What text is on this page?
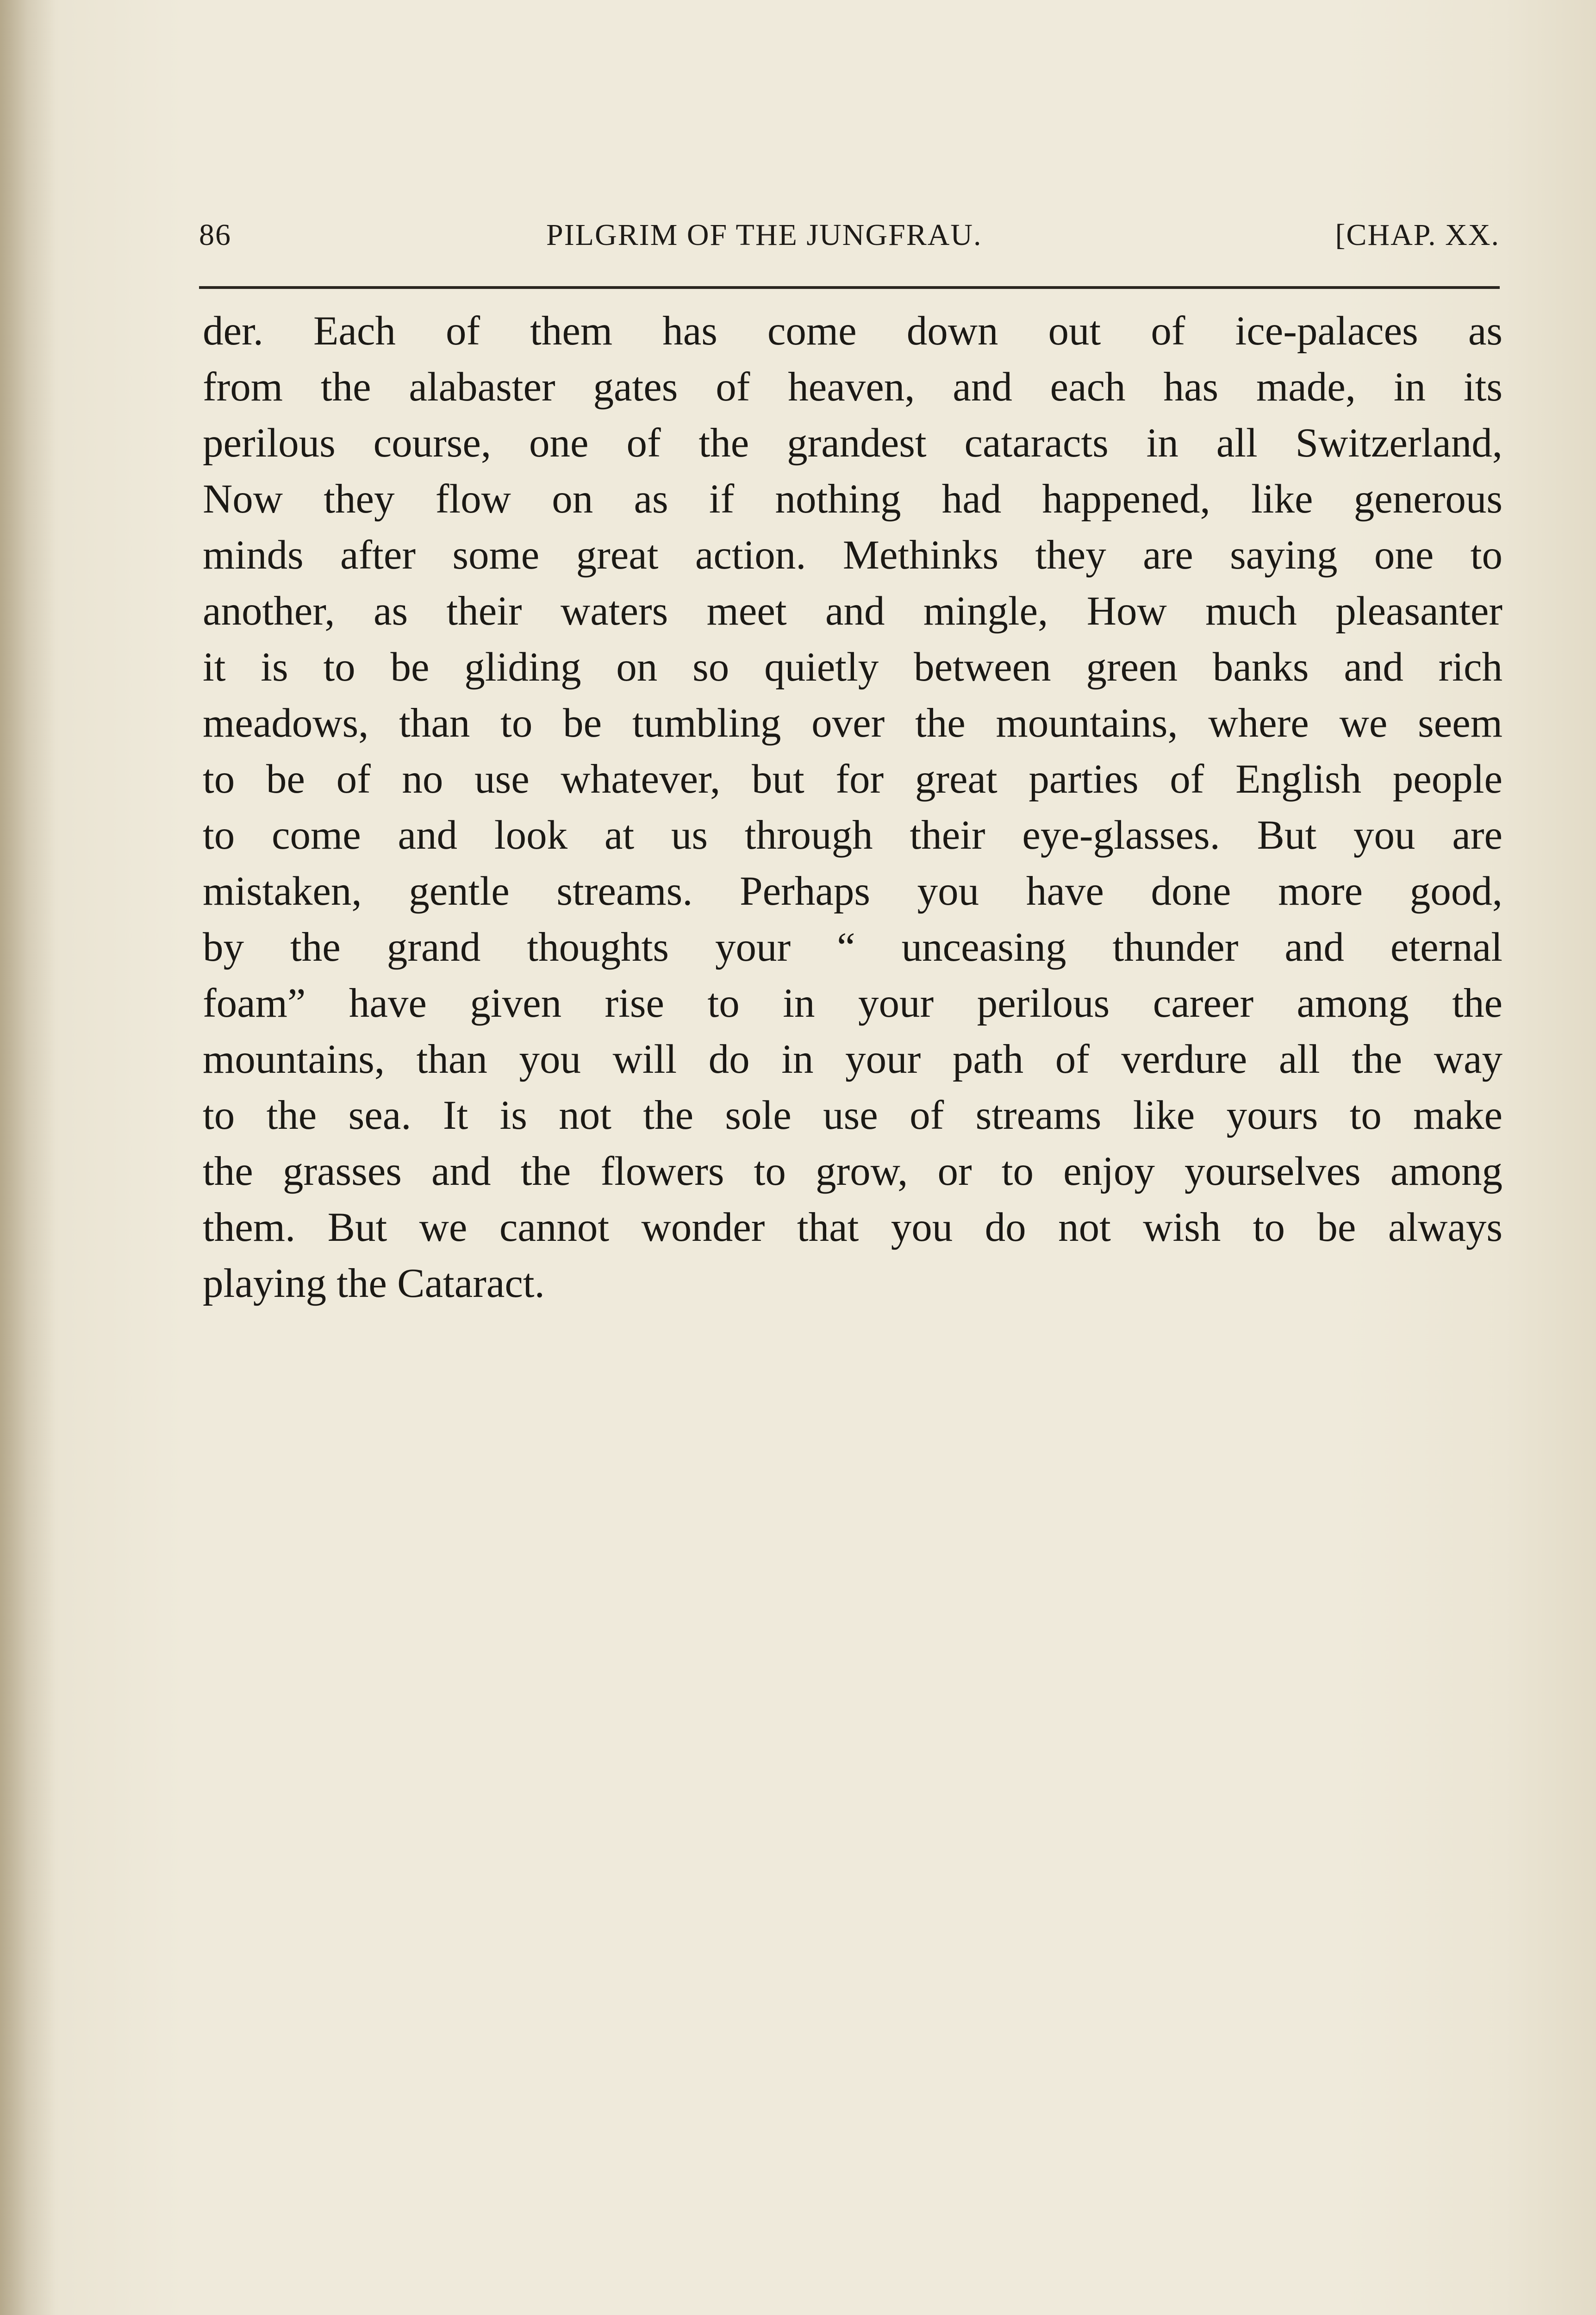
86	PILGRIM OF THE JUNGFRAU.	[CHAP. XX.
der. Each of them has come down out of ice-palaces as
from the alabaster gates of heaven, and each has made, in its
perilous course, one of the grandest cataracts in all Switzerland,
Now they flow on as if nothing had happened, like generous
minds after some great action. Methinks they are saying one to
another, as their waters meet and mingle, How much pleasanter
it is to be gliding on so quietly between green banks and rich
meadows, than to be tumbling over the mountains, where we seem
to be of no use whatever, but for great parties of English people
to come and look at us through their eye-glasses. But you are
mistaken, gentle streams. Perhaps you have done more good,
by the grand thoughts your “ unceasing thunder and eternal
foam” have given rise to in your perilous career among the
mountains, than you will do in your path of verdure all the way
to the sea. It is not the sole use of streams like yours to make
the grasses and the flowers to grow, or to enjoy yourselves among
them. But we cannot wonder that you do not wish to be always
playing the Cataract.
